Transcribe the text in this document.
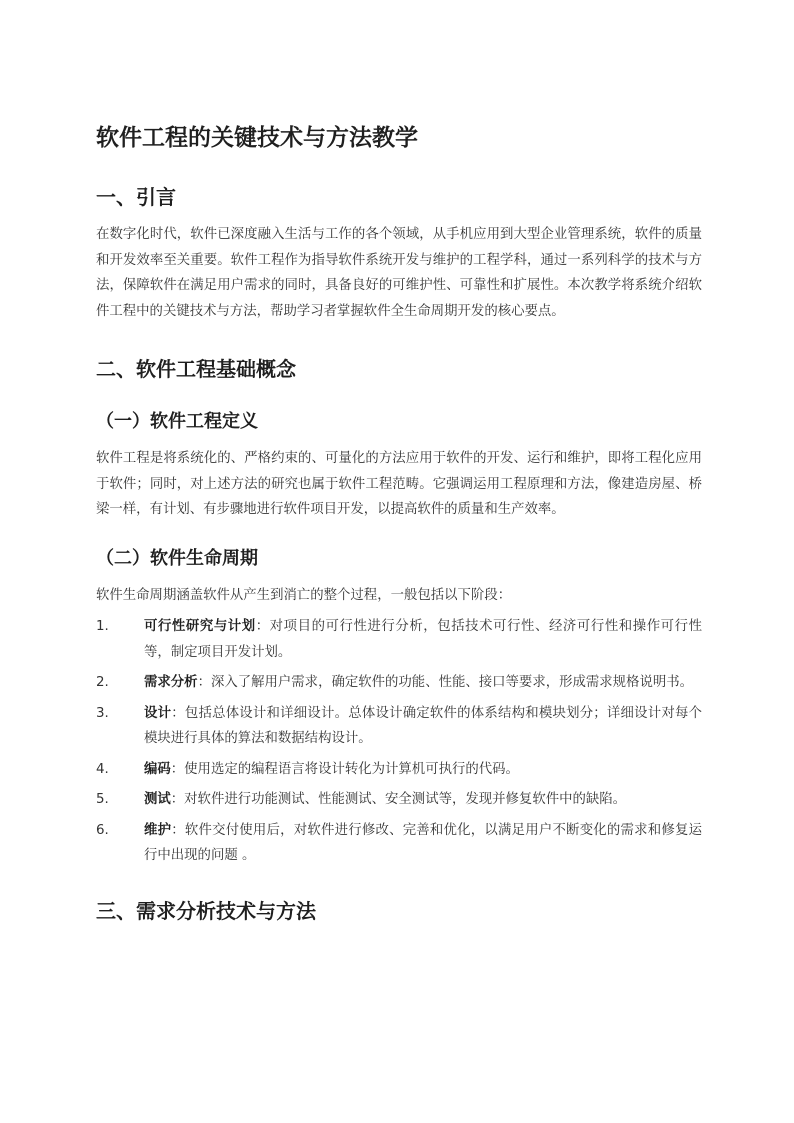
软件工程的关键技术与方法教学
一、引言

在数字化时代，软件已深度融入生活与工作的各个领域，从手机应用到大型企业管理系统，软件的质量和开发效率至关重要。软件工程作为指导软件系统开发与维护的工程学科，通过一系列科学的技术与方法，保障软件在满足用户需求的同时，具备良好的可维护性、可靠性和扩展性。本次教学将系统介绍软件工程中的关键技术与方法，帮助学习者掌握软件全生命周期开发的核心要点。

二、软件工程基础概念
（一）软件工程定义

软件工程是将系统化的、严格约束的、可量化的方法应用于软件的开发、运行和维护，即将工程化应用于软件；同时，对上述方法的研究也属于软件工程范畴。它强调运用工程原理和方法，像建造房屋、桥梁一样，有计划、有步骤地进行软件项目开发，以提高软件的质量和生产效率。

（二）软件生命周期

软件生命周期涵盖软件从产生到消亡的整个过程，一般包括以下阶段：

1.	可行性研究与计划：对项目的可行性进行分析，包括技术可行性、经济可行性和操作可行性等，制定项目开发计划。
2.	需求分析：深入了解用户需求，确定软件的功能、性能、接口等要求，形成需求规格说明书。
3.	设计：包括总体设计和详细设计。总体设计确定软件的体系结构和模块划分；详细设计对每个模块进行具体的算法和数据结构设计。
4.	编码：使用选定的编程语言将设计转化为计算机可执行的代码。
5.	测试：对软件进行功能测试、性能测试、安全测试等，发现并修复软件中的缺陷。
6.	维护：软件交付使用后，对软件进行修改、完善和优化，以满足用户不断变化的需求和修复运行中出现的问题 。
三、需求分析技术与方法
